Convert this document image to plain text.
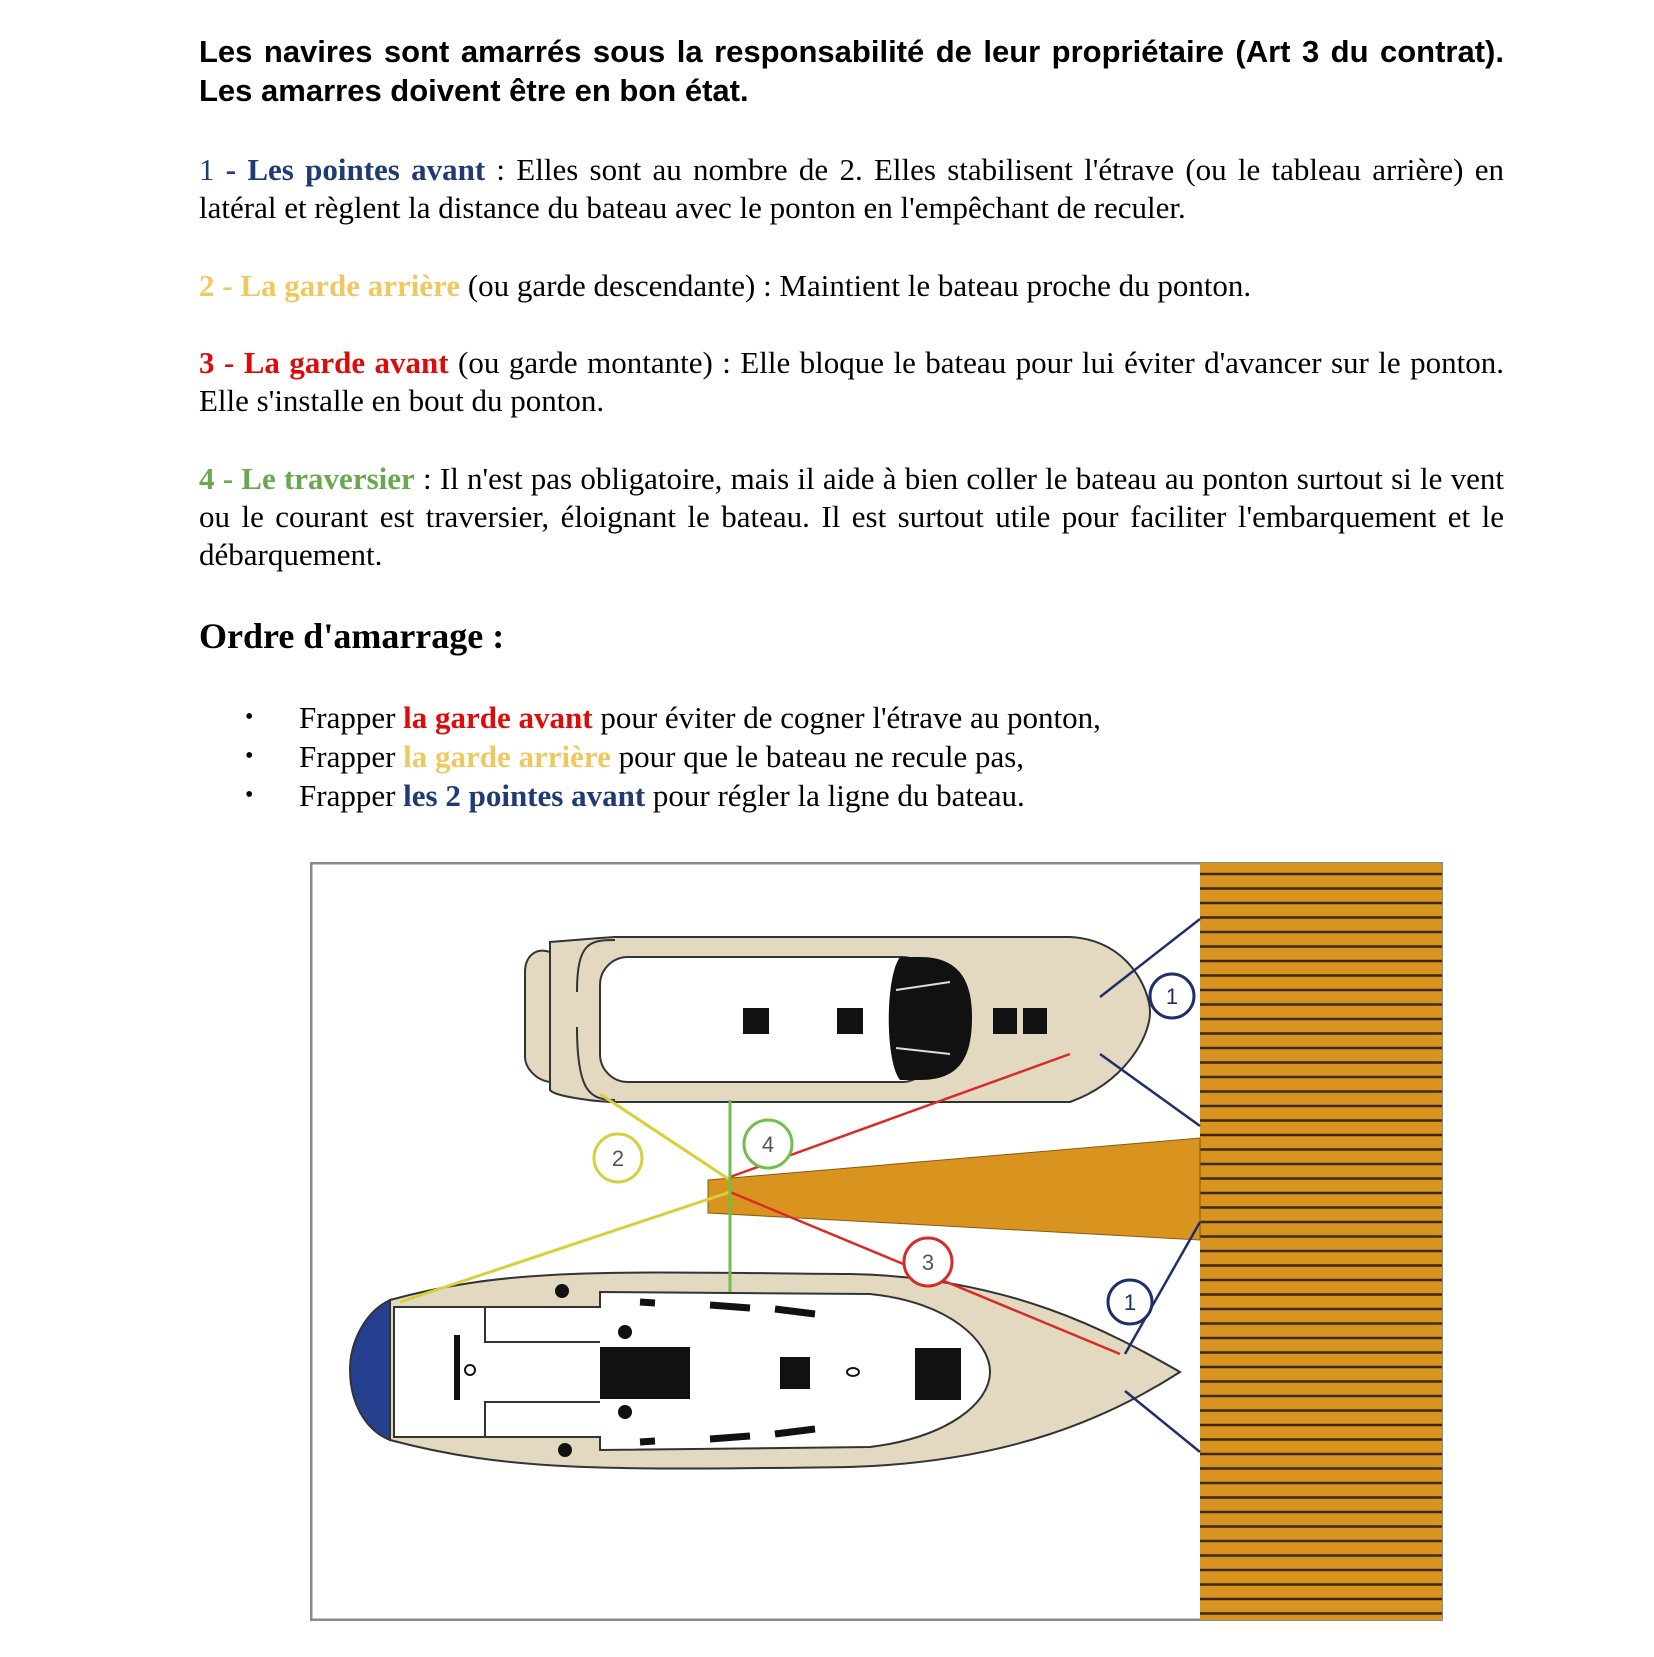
Les navires sont amarrés sous la responsabilité de leur propriétaire (Art 3 du contrat). Les amarres doivent être en bon état.

1 - Les pointes avant : Elles sont au nombre de 2. Elles stabilisent l'étrave (ou le tableau arrière) en latéral et règlent la distance du bateau avec le ponton en l'empêchant de reculer.

2 - La garde arrière (ou garde descendante) : Maintient le bateau proche du ponton.

3 - La garde avant (ou garde montante) : Elle bloque le bateau pour lui éviter d'avancer sur le ponton. Elle s'installe en bout du ponton.

4 - Le traversier : Il n'est pas obligatoire, mais il aide à bien coller le bateau au ponton surtout si le vent ou le courant est traversier, éloignant le bateau. Il est surtout utile pour faciliter l'embarquement et le débarquement.

Ordre d'amarrage :
• Frapper la garde avant pour éviter de cogner l'étrave au ponton,
• Frapper la garde arrière pour que le bateau ne recule pas,
• Frapper les 2 pointes avant pour régler la ligne du bateau.
1
2
4
3
1
